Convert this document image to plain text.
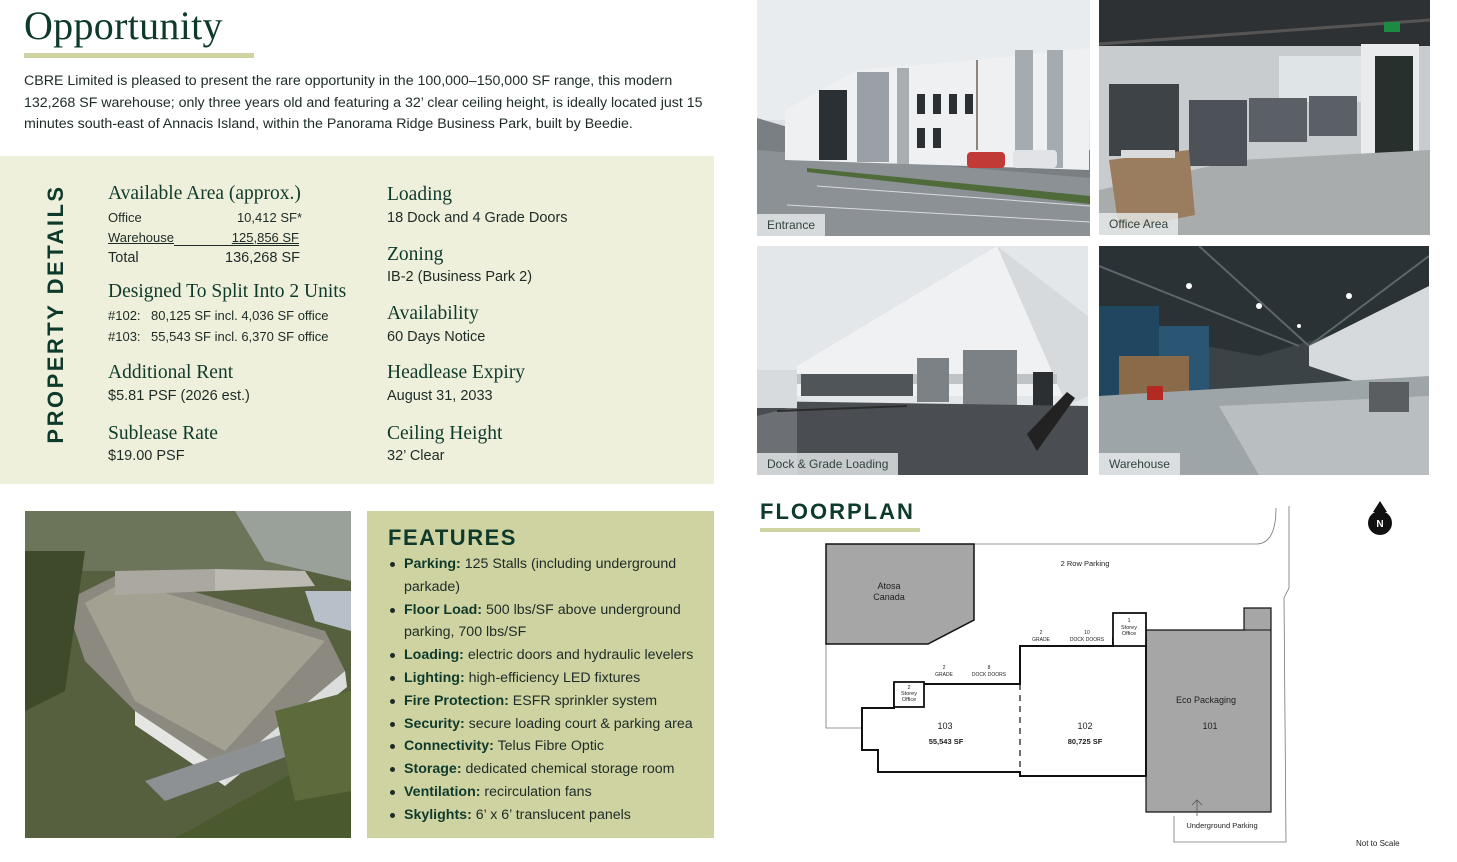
Opportunity

CBRE Limited is pleased to present the rare opportunity in the 100,000–150,000 SF range, this modern 132,268 SF warehouse; only three years old and featuring a 32’ clear ceiling height, is ideally located just 15 minutes south-east of Annacis Island, within the Panorama Ridge Business Park, built by Beedie.

PROPERTY DETAILS Available Area (approx.)
Office	10,412 SF*
Warehouse	125,856 SF
Total	136,268 SF
Designed To Split Into 2 Units
#102: 80,125 SF incl. 4,036 SF office
#103: 55,543 SF incl. 6,370 SF office
Additional Rent
$5.81 PSF (2026 est.)
Sublease Rate
$19.00 PSF
Loading
18 Dock and 4 Grade Doors
Zoning
IB-2 (Business Park 2)
Availability
60 Days Notice
Headlease Expiry
August 31, 2033
Ceiling Height
32’ Clear
Entrance	Office Area
Dock & Grade Loading	Warehouse
FEATURES
Parking: 125 Stalls (including underground parkade)
Floor Load: 500 lbs/SF above underground parking, 700 lbs/SF
Loading: electric doors and hydraulic levelers
Lighting: high-efficiency LED fixtures
Fire Protection: ESFR sprinkler system
Security: secure loading court & parking area
Connectivity: Telus Fibre Optic
Storage: dedicated chemical storage room
Ventilation: recirculation fans
Skylights: 6’ x 6’ translucent panels
FLOORPLAN
Atosa
Canada
2 Row Parking
Eco Packaging
101
1
Storey
Office
2
Storey
Office
2
GRADE
8
DOCK DOORS
2
GRADE
10
DOCK DOORS
103
55,543 SF
102
80,725 SF
Underground Parking
N
Not to Scale
